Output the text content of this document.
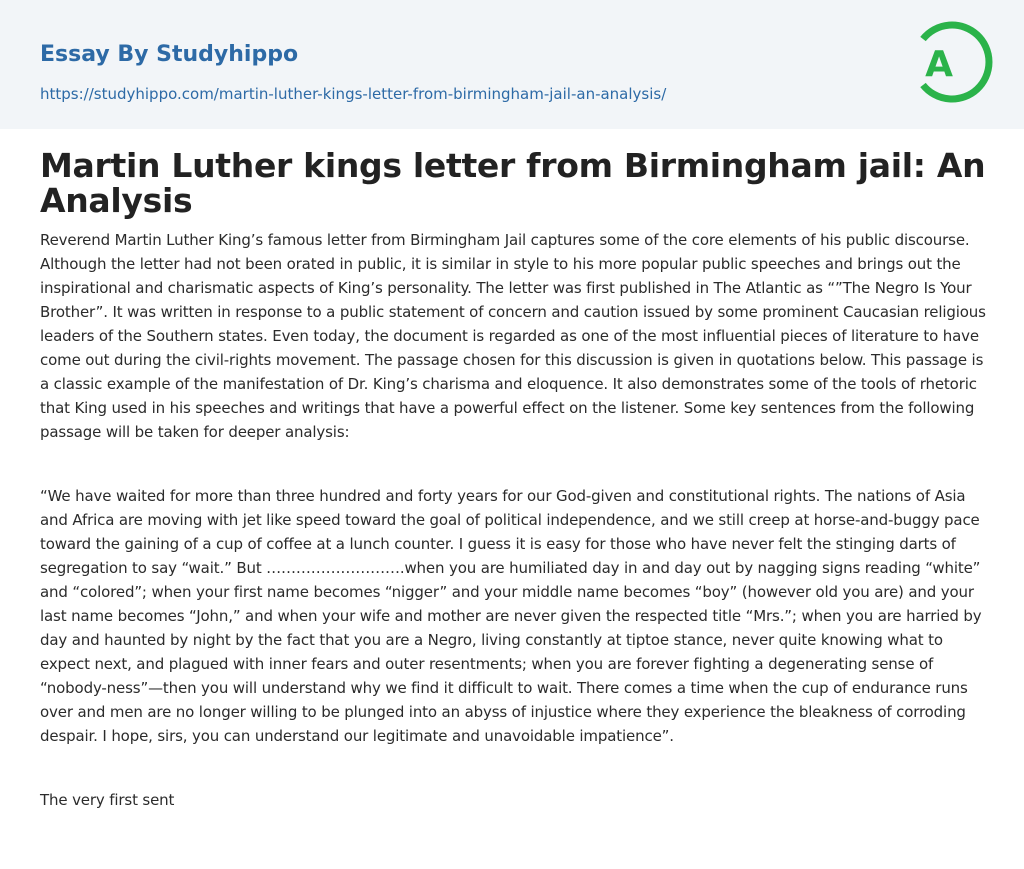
Essay By Studyhippo
https://studyhippo.com/martin-luther-kings-letter-from-birmingham-jail-an-analysis/
A
Martin Luther kings letter from Birmingham jail: An Analysis

Reverend Martin Luther King’s famous letter from Birmingham Jail captures some of the core elements of his public discourse. Although the letter had not been orated in public, it is similar in style to his more popular public speeches and brings out the inspirational and charismatic aspects of King’s personality. The letter was first published in The Atlantic as “”The Negro Is Your Brother”. It was written in response to a public statement of concern and caution issued by some prominent Caucasian religious leaders of the Southern states. Even today, the document is regarded as one of the most influential pieces of literature to have come out during the civil-rights movement. The passage chosen for this discussion is given in quotations below. This passage is a classic example of the manifestation of Dr. King’s charisma and eloquence. It also demonstrates some of the tools of rhetoric that King used in his speeches and writings that have a powerful effect on the listener. Some key sentences from the following passage will be taken for deeper analysis:

“We have waited for more than three hundred and forty years for our God-given and constitutional rights. The nations of Asia and Africa are moving with jet like speed toward the goal of political independence, and we still creep at horse-and-buggy pace toward the gaining of a cup of coffee at a lunch counter. I guess it is easy for those who have never felt the stinging darts of segregation to say “wait.” But ……………………….when you are humiliated day in and day out by nagging signs reading “white” and “colored”; when your first name becomes “nigger” and your middle name becomes “boy” (however old you are) and your last name becomes “John,” and when your wife and mother are never given the respected title “Mrs.”; when you are harried by day and haunted by night by the fact that you are a Negro, living constantly at tiptoe stance, never quite knowing what to expect next, and plagued with inner fears and outer resentments; when you are forever fighting a degenerating sense of “nobody-ness”—then you will understand why we find it difficult to wait. There comes a time when the cup of endurance runs over and men are no longer willing to be plunged into an abyss of injustice where they experience the bleakness of corroding despair. I hope, sirs, you can understand our legitimate and unavoidable impatience”.

The very first sent
